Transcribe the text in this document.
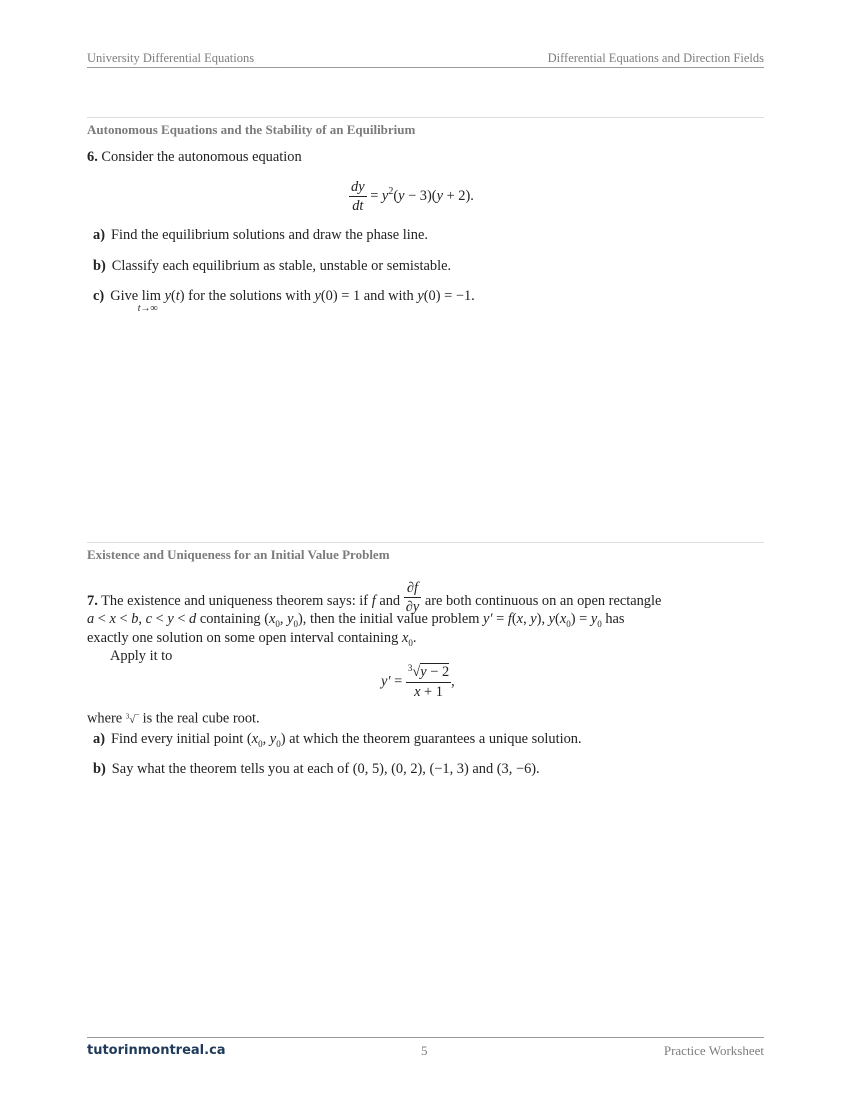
University Differential Equations	Differential Equations and Direction Fields
Autonomous Equations and the Stability of an Equilibrium
6. Consider the autonomous equation
$\frac{dy}{dt} = y^2(y - 3)(y + 2)$.
a) Find the equilibrium solutions and draw the phase line.
b) Classify each equilibrium as stable, unstable or semistable.
c) Give lim
t→∞
y(t) for the solutions with y(0) = 1 and with y(0) = −1.
Existence and Uniqueness for an Initial Value Problem
7. The existence and uniqueness theorem says: if f and $\frac{\partial f}{\partial y}$ are both continuous on an open rectangle
a < x < b, c < y < d containing ($x_0$, $y_0$), then the initial value problem y′ = f(x, y), $y(x_0) = y_0$ has
exactly one solution on some open interval containing $x_0$.
Apply it to
$y' = \frac{^3√y - 2}{x + 1}$ ,
where $^3$√‾ is the real cube root.
a) Find every initial point ($x_0$, $y_0$) at which the theorem guarantees a unique solution.
b) Say what the theorem tells you at each of (0, 5), (0, 2), (−1, 3) and (3, −6).
tutorinmontreal.ca	5	Practice Worksheet
